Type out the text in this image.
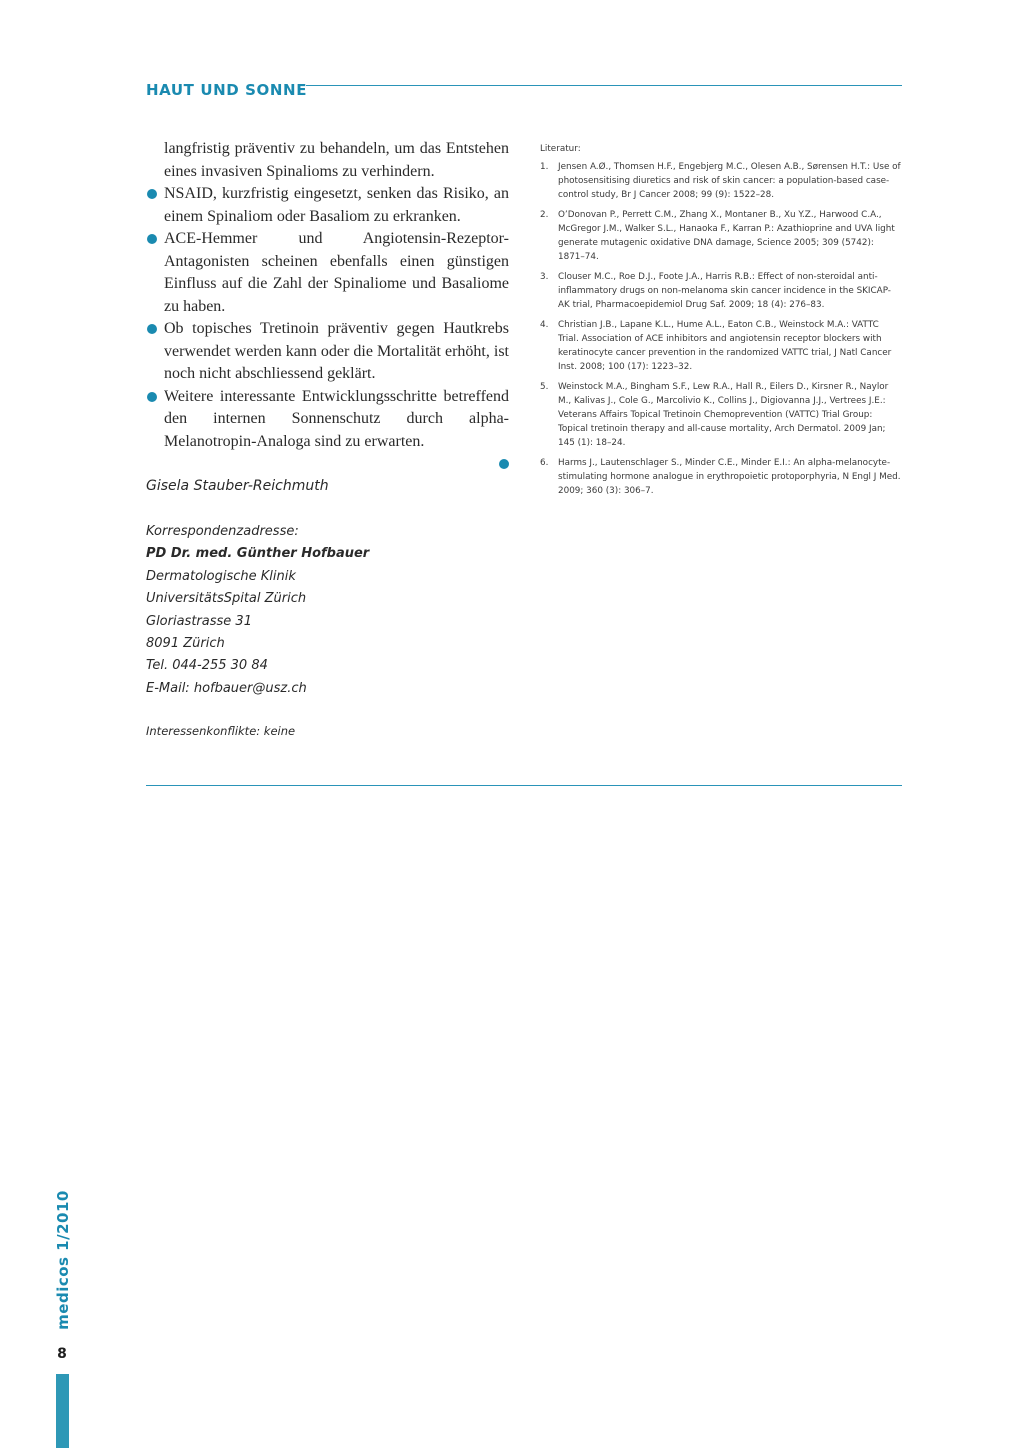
HAUT UND SONNE

langfristig präventiv zu behandeln, um das Entstehen eines invasiven Spinalioms zu verhindern.

NSAID, kurzfristig eingesetzt, senken das Risiko, an einem Spinaliom oder Basaliom zu erkranken.

ACE-Hemmer und Angiotensin-Rezeptor-Antagonisten scheinen ebenfalls einen günstigen Einfluss auf die Zahl der Spinaliome und Basaliome zu haben.

Ob topisches Tretinoin präventiv gegen Hautkrebs verwendet werden kann oder die Mortalität erhöht, ist noch nicht abschliessend geklärt.

Weitere interessante Entwicklungsschritte betreffend den internen Sonnenschutz durch alpha-Melanotropin-Analoga sind zu erwarten.

Gisela Stauber-Reichmuth
Korrespondenzadresse:
PD Dr. med. Günther Hofbauer
Dermatologische Klinik
UniversitätsSpital Zürich
Gloriastrasse 31
8091 Zürich
Tel. 044-255 30 84
E-Mail: hofbauer@usz.ch
Interessenkonflikte: keine
Literatur:
1. Jensen A.Ø., Thomsen H.F., Engebjerg M.C., Olesen A.B., Sørensen H.T.: Use of photosensitising diuretics and risk of skin cancer: a population-based case-control study, Br J Cancer 2008; 99 (9): 1522–28.
2. O’Donovan P., Perrett C.M., Zhang X., Montaner B., Xu Y.Z., Harwood C.A., McGregor J.M., Walker S.L., Hanaoka F., Karran P.: Azathioprine and UVA light generate mutagenic oxidative DNA damage, Science 2005; 309 (5742): 1871–74.
3. Clouser M.C., Roe D.J., Foote J.A., Harris R.B.: Effect of non-steroidal anti-inflammatory drugs on non-melanoma skin cancer incidence in the SKICAP-AK trial, Pharmacoepidemiol Drug Saf. 2009; 18 (4): 276–83.
4. Christian J.B., Lapane K.L., Hume A.L., Eaton C.B., Weinstock M.A.: VATTC Trial. Association of ACE inhibitors and angiotensin receptor blockers with keratinocyte cancer prevention in the randomized VATTC trial, J Natl Cancer Inst. 2008; 100 (17): 1223–32.
5. Weinstock M.A., Bingham S.F., Lew R.A., Hall R., Eilers D., Kirsner R., Naylor M., Kalivas J., Cole G., Marcolivio K., Collins J., Digiovanna J.J., Vertrees J.E.: Veterans Affairs Topical Tretinoin Chemoprevention (VATTC) Trial Group: Topical tretinoin therapy and all-cause mortality, Arch Dermatol. 2009 Jan; 145 (1): 18–24.
6. Harms J., Lautenschlager S., Minder C.E., Minder E.I.: An alpha-melanocyte-stimulating hormone analogue in erythropoietic protoporphyria, N Engl J Med. 2009; 360 (3): 306–7.
medicos 1/2010
8
